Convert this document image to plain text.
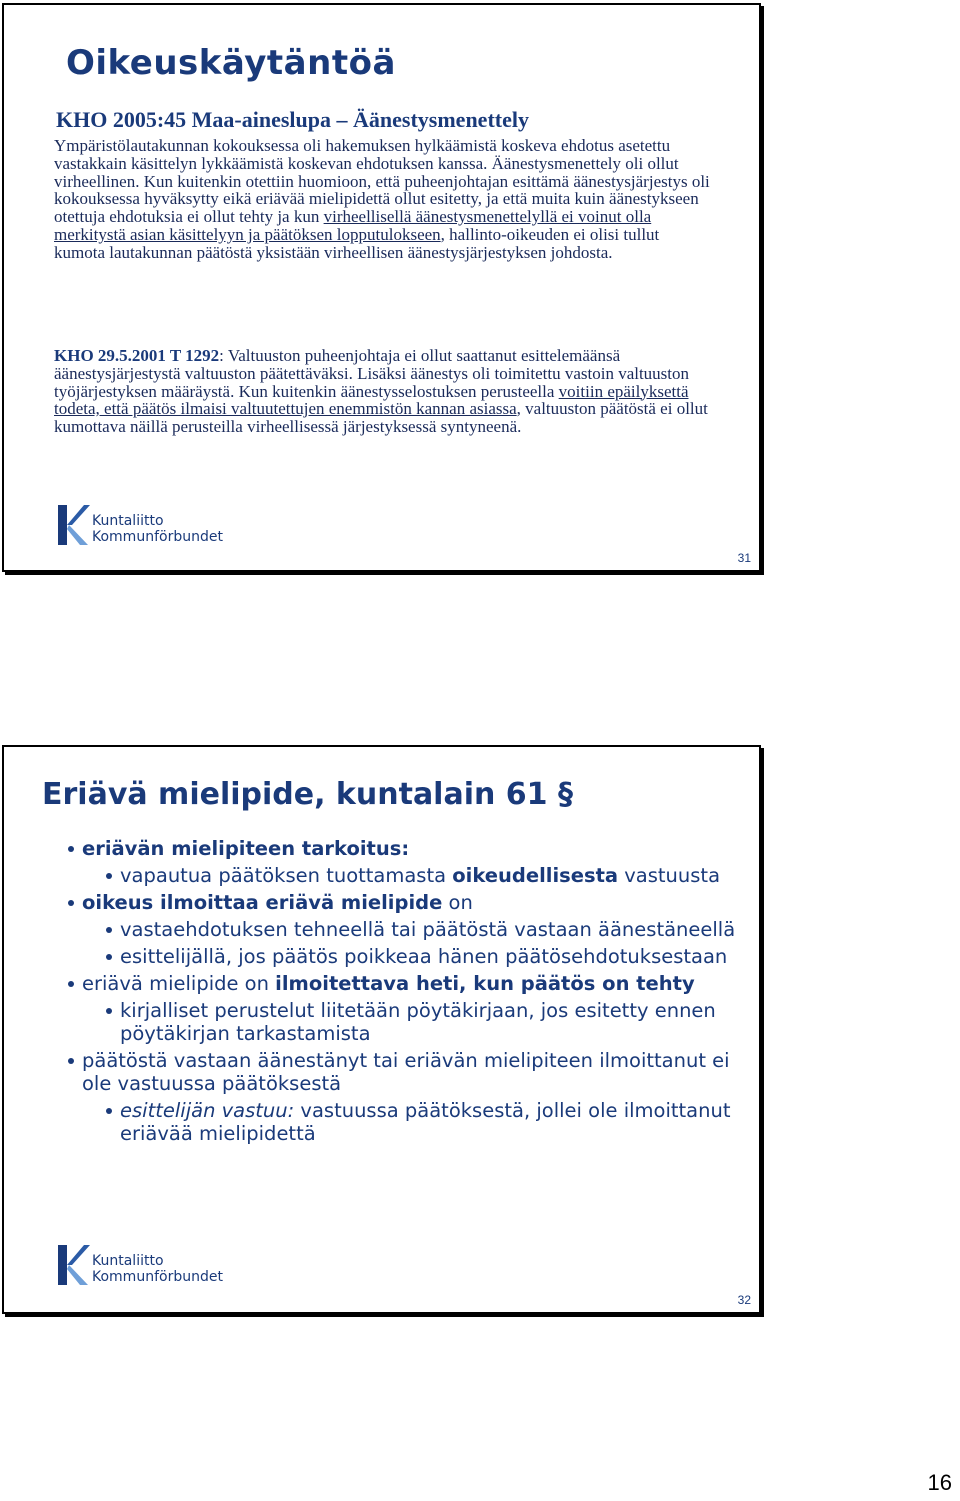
Oikeuskäytäntöä
KHO 2005:45 Maa-aineslupa – Äänestysmenettely
Ympäristölautakunnan kokouksessa oli hakemuksen hylkäämistä koskeva ehdotus asetettu vastakkain käsittelyn lykkäämistä koskevan ehdotuksen kanssa. Äänestysmenettely oli ollut virheellinen. Kun kuitenkin otettiin huomioon, että puheenjohtajan esittämä äänestysjärjestys oli kokouksessa hyväksytty eikä eriävää mielipidettä ollut esitetty, ja että muita kuin äänestykseen otettuja ehdotuksia ei ollut tehty ja kun virheellisellä äänestysmenettelyllä ei voinut olla merkitystä asian käsittelyyn ja päätöksen lopputulokseen, hallinto-oikeuden ei olisi tullut kumota lautakunnan päätöstä yksistään virheellisen äänestysjärjestyksen johdosta.
KHO 29.5.2001 T 1292: Valtuuston puheenjohtaja ei ollut saattanut esittelemäänsä äänestysjärjestystä valtuuston päätettäväksi. Lisäksi äänestys oli toimitettu vastoin valtuuston työjärjestyksen määräystä. Kun kuitenkin äänestysselostuksen perusteella voitiin epäilyksettä todeta, että päätös ilmaisi valtuutettujen enemmistön kannan asiassa, valtuuston päätöstä ei ollut kumottava näillä perusteilla virheellisessä järjestyksessä syntyneenä.
Kuntaliitto
Kommunförbundet
31
Eriävä mielipide, kuntalain 61 §
eriävän mielipiteen tarkoitus:
vapautua päätöksen tuottamasta oikeudellisesta vastuusta
oikeus ilmoittaa eriävä mielipide on
vastaehdotuksen tehneellä tai päätöstä vastaan äänestäneellä
esittelijällä, jos päätös poikkeaa hänen päätösehdotuksestaan
eriävä mielipide on ilmoitettava heti, kun päätös on tehty
kirjalliset perustelut liitetään pöytäkirjaan, jos esitetty ennen pöytäkirjan tarkastamista
päätöstä vastaan äänestänyt tai eriävän mielipiteen ilmoittanut ei ole vastuussa päätöksestä
esittelijän vastuu: vastuussa päätöksestä, jollei ole ilmoittanut eriävää mielipidettä
Kuntaliitto
Kommunförbundet
32
16
